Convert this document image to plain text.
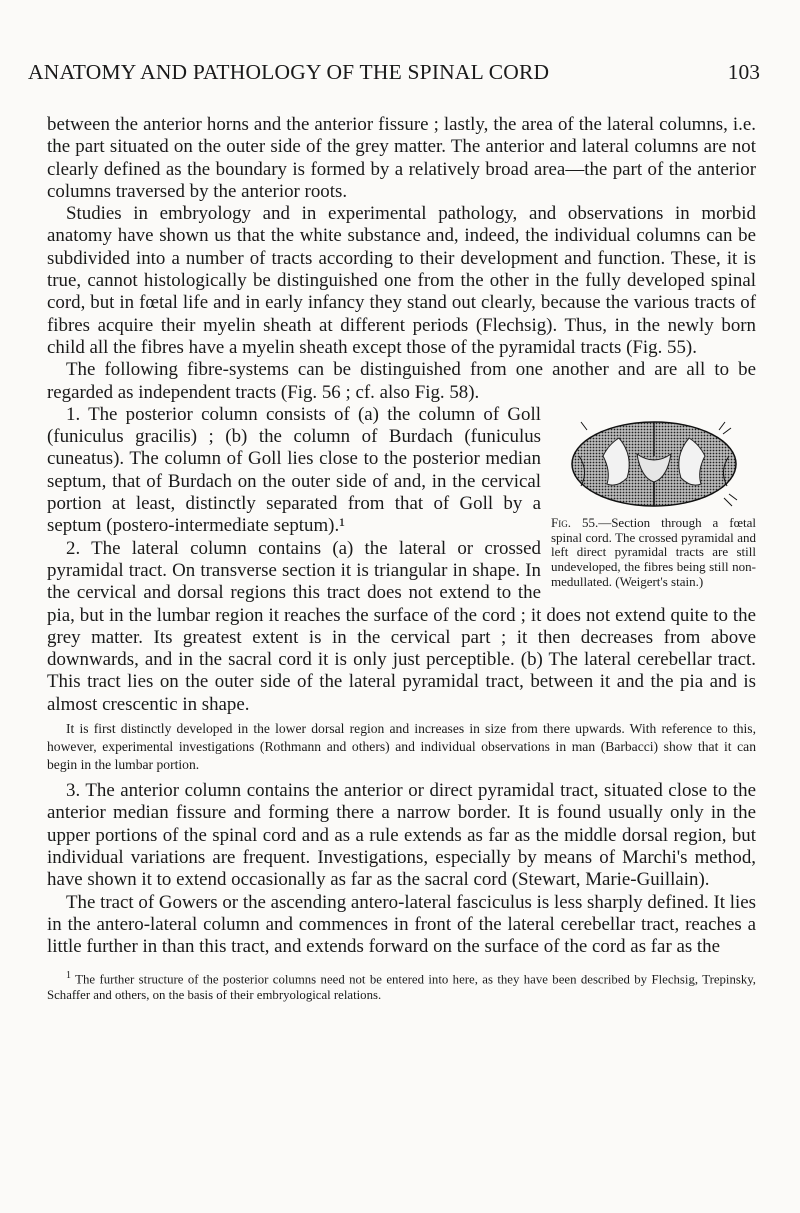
ANATOMY AND PATHOLOGY OF THE SPINAL CORD	103

between the anterior horns and the anterior fissure ; lastly, the area of the lateral columns, i.e. the part situated on the outer side of the grey matter. The anterior and lateral columns are not clearly defined as the boundary is formed by a relatively broad area—the part of the anterior columns traversed by the anterior roots.

Studies in embryology and in experimental pathology, and observations in morbid anatomy have shown us that the white substance and, indeed, the individual columns can be subdivided into a number of tracts according to their development and function. These, it is true, cannot histologically be distinguished one from the other in the fully developed spinal cord, but in fœtal life and in early infancy they stand out clearly, because the various tracts of fibres acquire their myelin sheath at different periods (Flechsig). Thus, in the newly born child all the fibres have a myelin sheath except those of the pyramidal tracts (Fig. 55).

The following fibre-systems can be distinguished from one another and are all to be regarded as independent tracts (Fig. 56 ; cf. also Fig. 58).

Fig. 55.—Section through a fœtal spinal cord. The crossed pyramidal and left direct pyramidal tracts are still undeveloped, the fibres being still non-medullated. (Weigert's stain.)

1. The posterior column consists of (a) the column of Goll (funiculus gracilis) ; (b) the column of Burdach (funiculus cuneatus). The column of Goll lies close to the posterior median septum, that of Burdach on the outer side of and, in the cervical portion at least, distinctly separated from that of Goll by a septum (postero-intermediate septum).¹

2. The lateral column contains (a) the lateral or crossed pyramidal tract. On transverse section it is triangular in shape. In the cervical and dorsal regions this tract does not extend to the pia, but in the lumbar region it reaches the surface of the cord ; it does not extend quite to the grey matter. Its greatest extent is in the cervical part ; it then decreases from above downwards, and in the sacral cord it is only just perceptible. (b) The lateral cerebellar tract. This tract lies on the outer side of the lateral pyramidal tract, between it and the pia and is almost crescentic in shape.

It is first distinctly developed in the lower dorsal region and increases in size from there upwards. With reference to this, however, experimental investigations (Rothmann and others) and individual observations in man (Barbacci) show that it can begin in the lumbar portion.

3. The anterior column contains the anterior or direct pyramidal tract, situated close to the anterior median fissure and forming there a narrow border. It is found usually only in the upper portions of the spinal cord and as a rule extends as far as the middle dorsal region, but individual variations are frequent. Investigations, especially by means of Marchi's method, have shown it to extend occasionally as far as the sacral cord (Stewart, Marie-Guillain).

The tract of Gowers or the ascending antero-lateral fasciculus is less sharply defined. It lies in the antero-lateral column and commences in front of the lateral cerebellar tract, reaches a little further in than this tract, and extends forward on the surface of the cord as far as the

$^1$ The further structure of the posterior columns need not be entered into here, as they have been described by Flechsig, Trepinsky, Schaffer and others, on the basis of their embryological relations.
